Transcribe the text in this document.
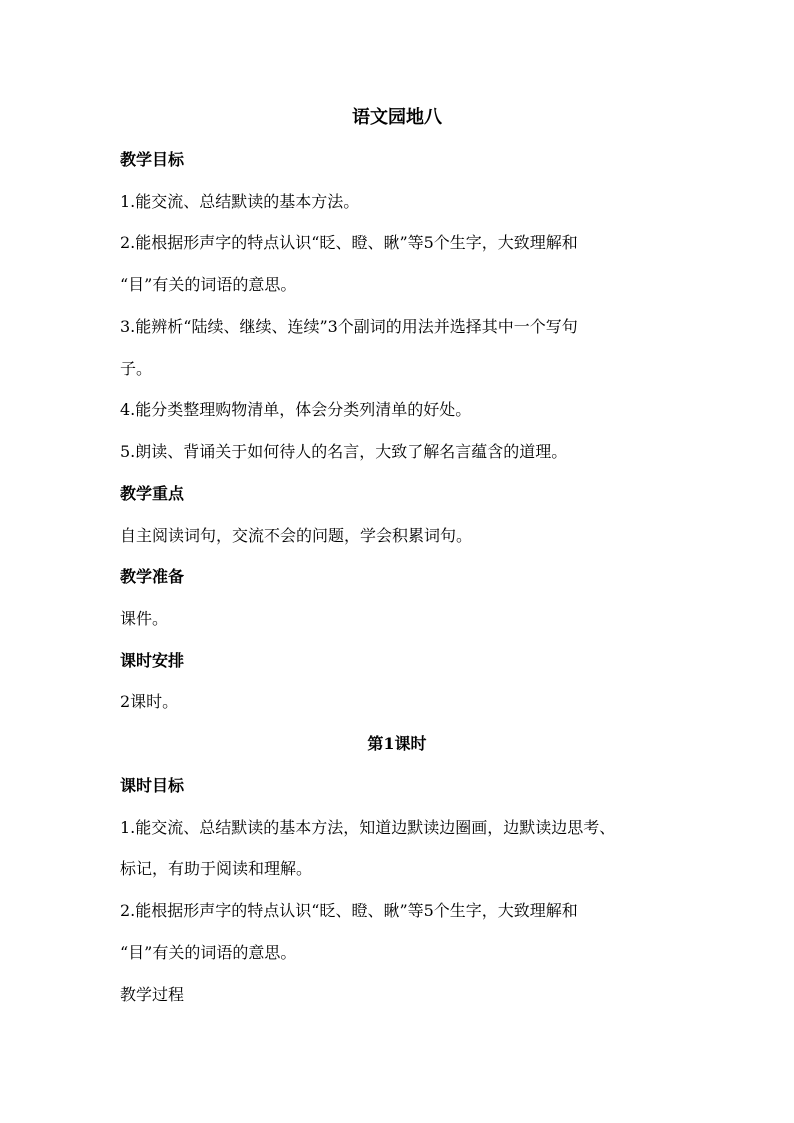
语文园地八
教学目标
1.能交流、总结默读的基本方法。
2.能根据形声字的特点认识“眨、瞪、瞅”等5个生字，大致理解和
“目”有关的词语的意思。
3.能辨析“陆续、继续、连续”3个副词的用法并选择其中一个写句
子。
4.能分类整理购物清单，体会分类列清单的好处。
5.朗读、背诵关于如何待人的名言，大致了解名言蕴含的道理。
教学重点
自主阅读词句，交流不会的问题，学会积累词句。
教学准备
课件。
课时安排
2课时。
第1课时
课时目标
1.能交流、总结默读的基本方法，知道边默读边圈画，边默读边思考、
标记，有助于阅读和理解。
2.能根据形声字的特点认识“眨、瞪、瞅”等5个生字，大致理解和
“目”有关的词语的意思。
教学过程
